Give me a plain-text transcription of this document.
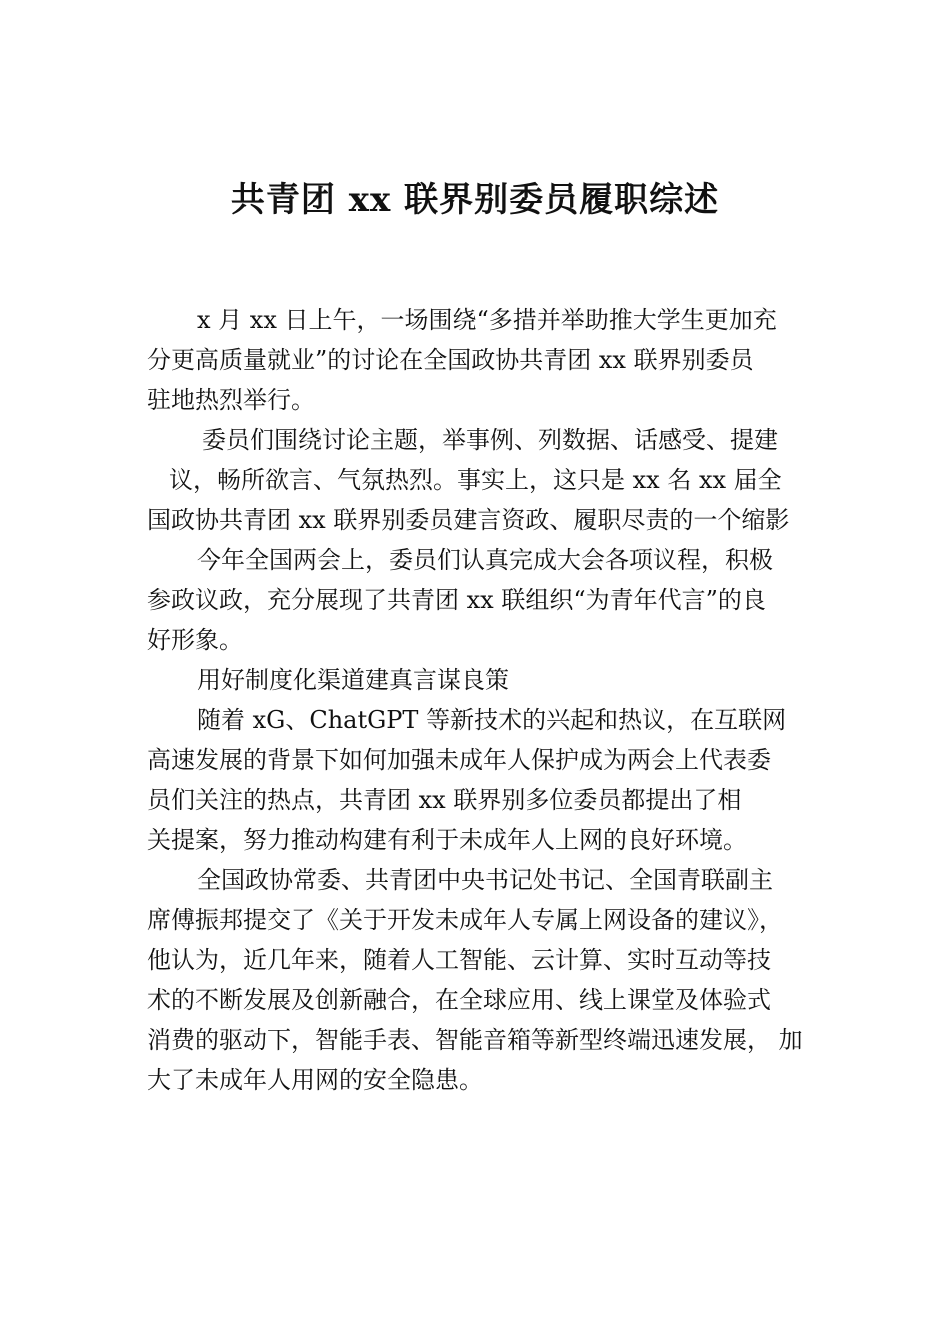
共青团 xx 联界别委员履职综述
x 月 xx 日上午，一场围绕“多措并举助推大学生更加充
分更高质量就业”的讨论在全国政协共青团 xx 联界别委员
驻地热烈举行。
委员们围绕讨论主题，举事例、列数据、话感受、提建
议，畅所欲言、气氛热烈。事实上，这只是 xx 名 xx 届全
国政协共青团 xx 联界别委员建言资政、履职尽责的一个缩影
今年全国两会上，委员们认真完成大会各项议程，积极
参政议政，充分展现了共青团 xx 联组织“为青年代言”的良
好形象。
用好制度化渠道建真言谋良策
随着 xG、ChatGPT 等新技术的兴起和热议，在互联网
高速发展的背景下如何加强未成年人保护成为两会上代表委
员们关注的热点，共青团 xx 联界别多位委员都提出了相
关提案，努力推动构建有利于未成年人上网的良好环境。
全国政协常委、共青团中央书记处书记、全国青联副主
席傅振邦提交了《关于开发未成年人专属上网设备的建议》，
他认为，近几年来，随着人工智能、云计算、实时互动等技
术的不断发展及创新融合，在全球应用、线上课堂及体验式
消费的驱动下，智能手表、智能音箱等新型终端迅速发展， 加
大了未成年人用网的安全隐患。
